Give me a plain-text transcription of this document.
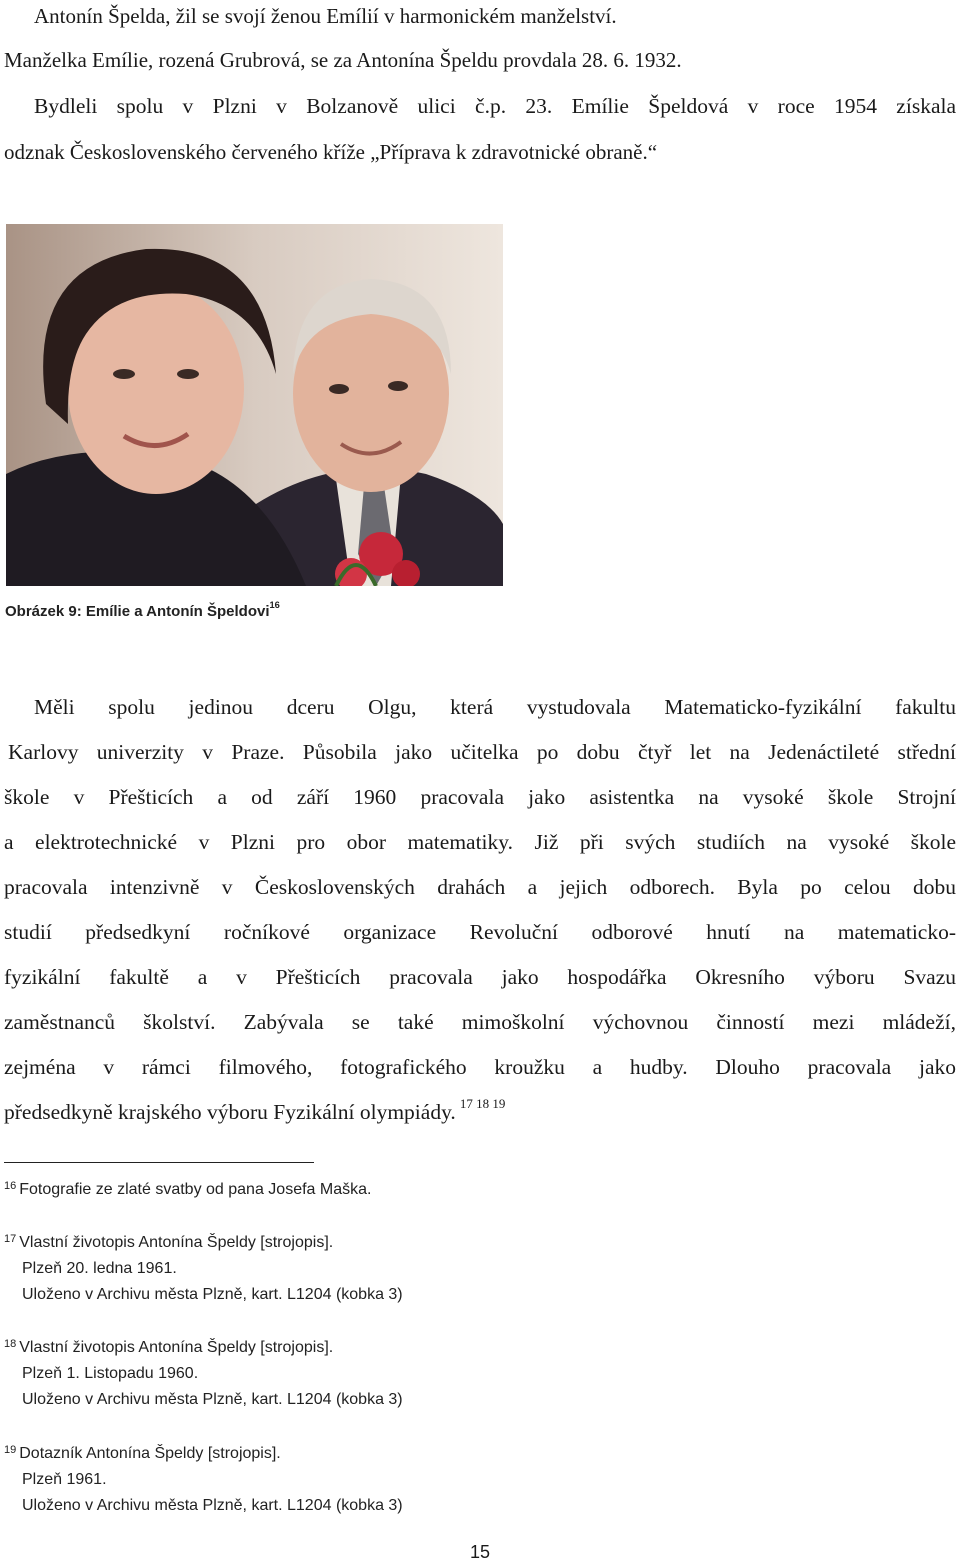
Antonín Špelda, žil se svojí ženou Emílií v harmonickém manželství.
Manželka Emílie, rozená Grubrová, se za Antonína Špeldu provdala 28. 6. 1932.
Bydleli spolu v Plzni v Bolzanově ulici č.p. 23. Emílie Špeldová v roce 1954 získala
odznak Československého červeného kříže „Příprava k zdravotnické obraně.“
Obrázek 9: Emílie a Antonín Špeldovi$^{16}$
Měli spolu jedinou dceru Olgu, která vystudovala Matematicko-fyzikální fakultu
Karlovy univerzity v Praze. Působila jako učitelka po dobu čtyř let na Jedenáctileté střední
škole v Přešticích a od září 1960 pracovala jako asistentka na vysoké škole Strojní
a elektrotechnické v Plzni pro obor matematiky. Již při svých studiích na vysoké škole
pracovala intenzivně v Československých drahách a jejich odborech. Byla po celou dobu
studií předsedkyní ročníkové organizace Revoluční odborové hnutí na matematicko-
fyzikální fakultě a v Přešticích pracovala jako hospodářka Okresního výboru Svazu
zaměstnanců školství. Zabývala se také mimoškolní výchovnou činností mezi mládeží,
zejména v rámci filmového, fotografického kroužku a hudby. Dlouho pracovala jako
předsedkyně krajského výboru Fyzikální olympiády. $^{17 18 19}$
$^{16}$ Fotografie ze zlaté svatby od pana Josefa Maška.
$^{17}$ Vlastní životopis Antonína Špeldy [strojopis].
Plzeň 20. ledna 1961.
Uloženo v Archivu města Plzně, kart. L1204 (kobka 3)
$^{18}$ Vlastní životopis Antonína Špeldy [strojopis].
Plzeň 1. Listopadu 1960.
Uloženo v Archivu města Plzně, kart. L1204 (kobka 3)
$^{19}$ Dotazník Antonína Špeldy [strojopis].
Plzeň 1961.
Uloženo v Archivu města Plzně, kart. L1204 (kobka 3)
15
